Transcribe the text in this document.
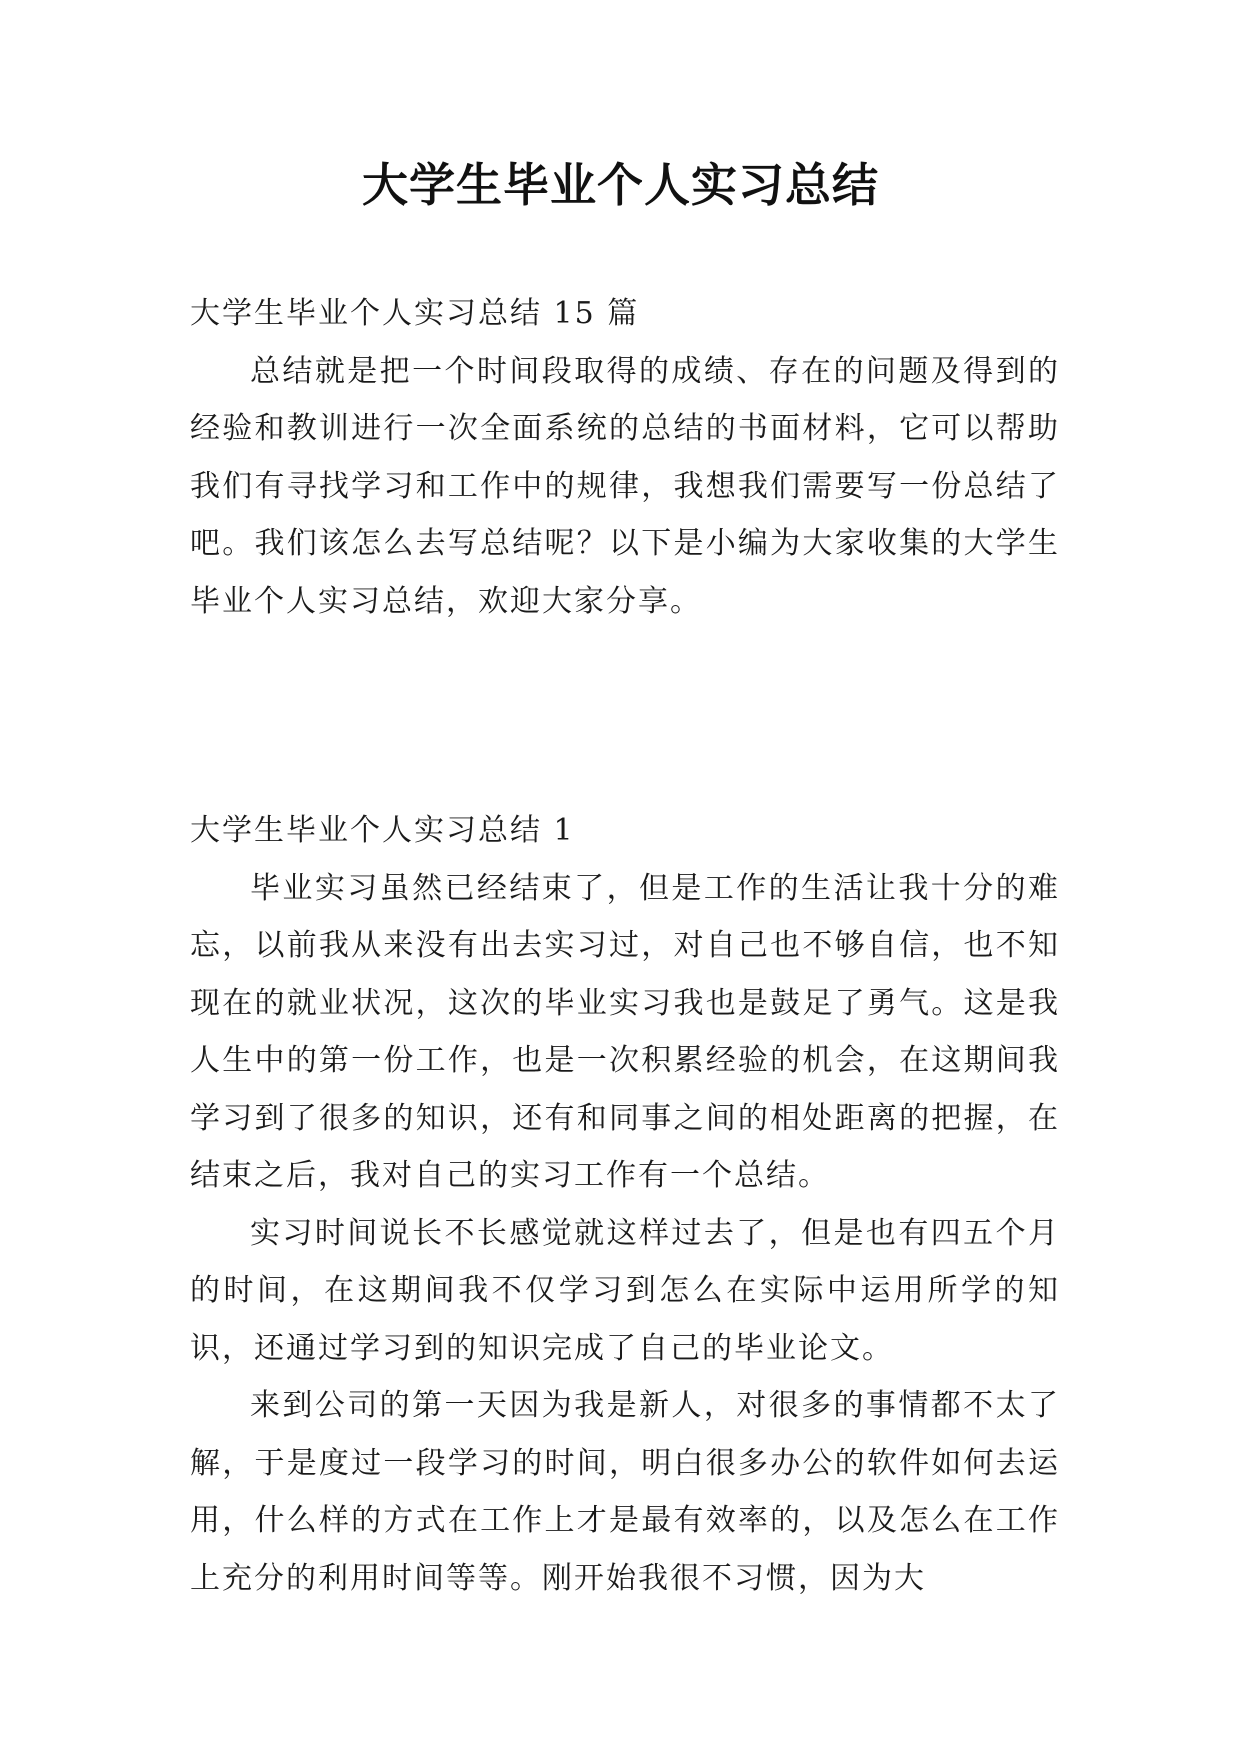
大学生毕业个人实习总结
大学生毕业个人实习总结 15 篇

总结就是把一个时间段取得的成绩、存在的问题及得到的经验和教训进行一次全面系统的总结的书面材料，它可以帮助我们有寻找学习和工作中的规律，我想我们需要写一份总结了吧。我们该怎么去写总结呢？以下是小编为大家收集的大学生毕业个人实习总结，欢迎大家分享。

大学生毕业个人实习总结 1

毕业实习虽然已经结束了，但是工作的生活让我十分的难忘，以前我从来没有出去实习过，对自己也不够自信，也不知现在的就业状况，这次的毕业实习我也是鼓足了勇气。这是我人生中的第一份工作，也是一次积累经验的机会，在这期间我学习到了很多的知识，还有和同事之间的相处距离的把握，在结束之后，我对自己的实习工作有一个总结。

实习时间说长不长感觉就这样过去了，但是也有四五个月的时间，在这期间我不仅学习到怎么在实际中运用所学的知识，还通过学习到的知识完成了自己的毕业论文。

来到公司的第一天因为我是新人，对很多的事情都不太了解，于是度过一段学习的时间，明白很多办公的软件如何去运用，什么样的方式在工作上才是最有效率的，以及怎么在工作上充分的利用时间等等。刚开始我很不习惯，因为大
